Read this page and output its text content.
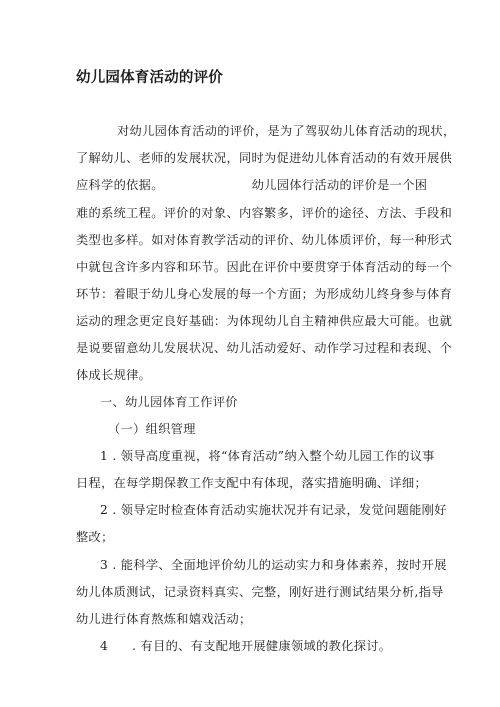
幼儿园体育活动的评价

对幼儿园体育活动的评价，是为了驾驭幼儿体育活动的现状，

了解幼儿、老师的发展状况，同时为促进幼儿体育活动的有效开展供

应科学的依据。	幼儿园体行活动的评价是一个困

难的系统工程。评价的对象、内容繁多，评价的途径、方法、手段和

类型也多样。如对体育教学活动的评价、幼儿体质评价，每一种形式

中就包含许多内容和环节。因此在评价中要贯穿于体育活动的每一个

环节：着眼于幼儿身心发展的每一个方面；为形成幼儿终身参与体育

运动的理念更定良好基础：为体现幼儿自主精神供应最大可能。也就

是说要留意幼儿发展状况、幼儿活动爱好、动作学习过程和表现、个

体成长规律。

一、幼儿园体育工作评价

（一）组织管理

1 . 领导高度重视，将“体育活动”纳入整个幼儿园工作的议事

日程，在每学期保教工作支配中有体现，落实措施明确、详细；

2 . 领导定时检查体育活动实施状况并有记录，发觉问题能刚好

整改；

3 . 能科学、全面地评价幼儿的运动实力和身体素养，按时开展

幼儿体质测试，记录资料真实、完整，刚好进行测试结果分析,指导

幼儿进行体育熬炼和嬉戏活动；

4 . 有目的、有支配地开展健康领域的教化探讨。
